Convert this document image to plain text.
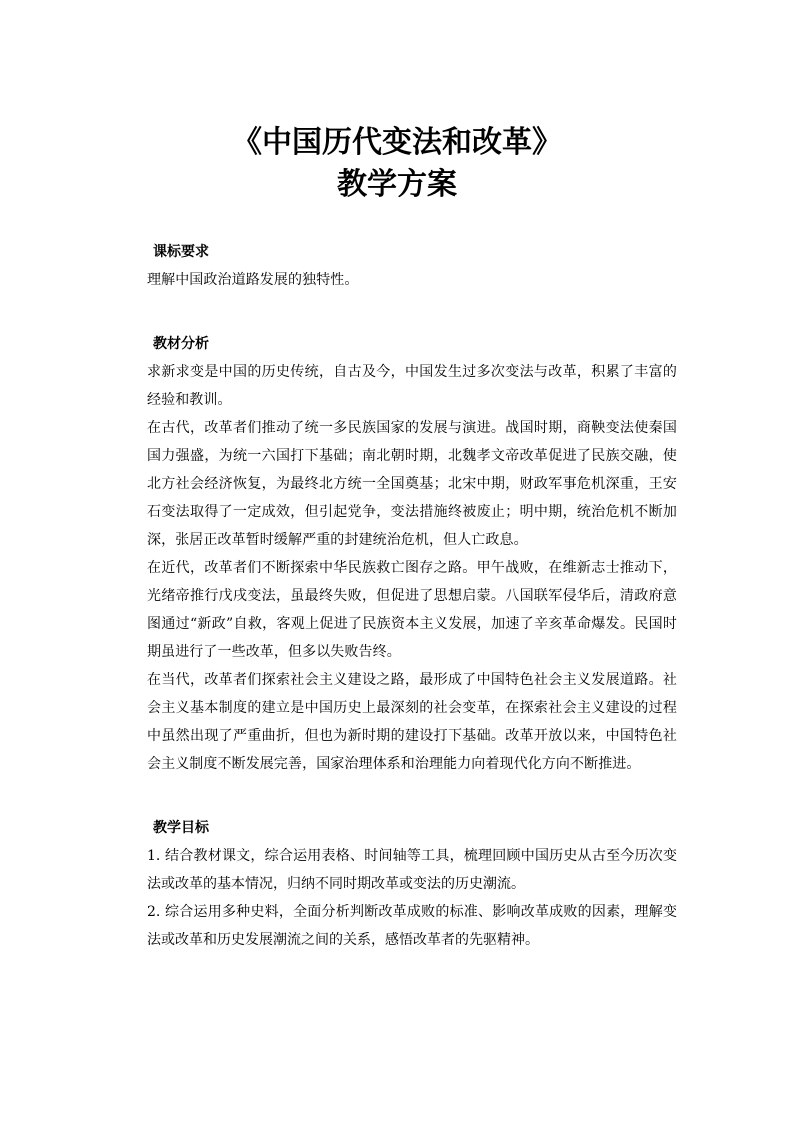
《中国历代变法和改革》
教学方案
课标要求

理解中国政治道路发展的独特性。

教材分析

求新求变是中国的历史传统，自古及今，中国发生过多次变法与改革，积累了丰富的经验和教训。

在古代，改革者们推动了统一多民族国家的发展与演进。战国时期，商鞅变法使秦国国力强盛，为统一六国打下基础；南北朝时期，北魏孝文帝改革促进了民族交融，使北方社会经济恢复，为最终北方统一全国奠基；北宋中期，财政军事危机深重，王安石变法取得了一定成效，但引起党争，变法措施终被废止；明中期，统治危机不断加深，张居正改革暂时缓解严重的封建统治危机，但人亡政息。

在近代，改革者们不断探索中华民族救亡图存之路。甲午战败，在维新志士推动下，光绪帝推行戊戌变法，虽最终失败，但促进了思想启蒙。八国联军侵华后，清政府意图通过“新政”自救，客观上促进了民族资本主义发展，加速了辛亥革命爆发。民国时期虽进行了一些改革，但多以失败告终。

在当代，改革者们探索社会主义建设之路，最形成了中国特色社会主义发展道路。社会主义基本制度的建立是中国历史上最深刻的社会变革，在探索社会主义建设的过程中虽然出现了严重曲折，但也为新时期的建设打下基础。改革开放以来，中国特色社会主义制度不断发展完善，国家治理体系和治理能力向着现代化方向不断推进。

教学目标

1. 结合教材课文，综合运用表格、时间轴等工具，梳理回顾中国历史从古至今历次变法或改革的基本情况，归纳不同时期改革或变法的历史潮流。

2. 综合运用多种史料，全面分析判断改革成败的标准、影响改革成败的因素，理解变法或改革和历史发展潮流之间的关系，感悟改革者的先驱精神。
